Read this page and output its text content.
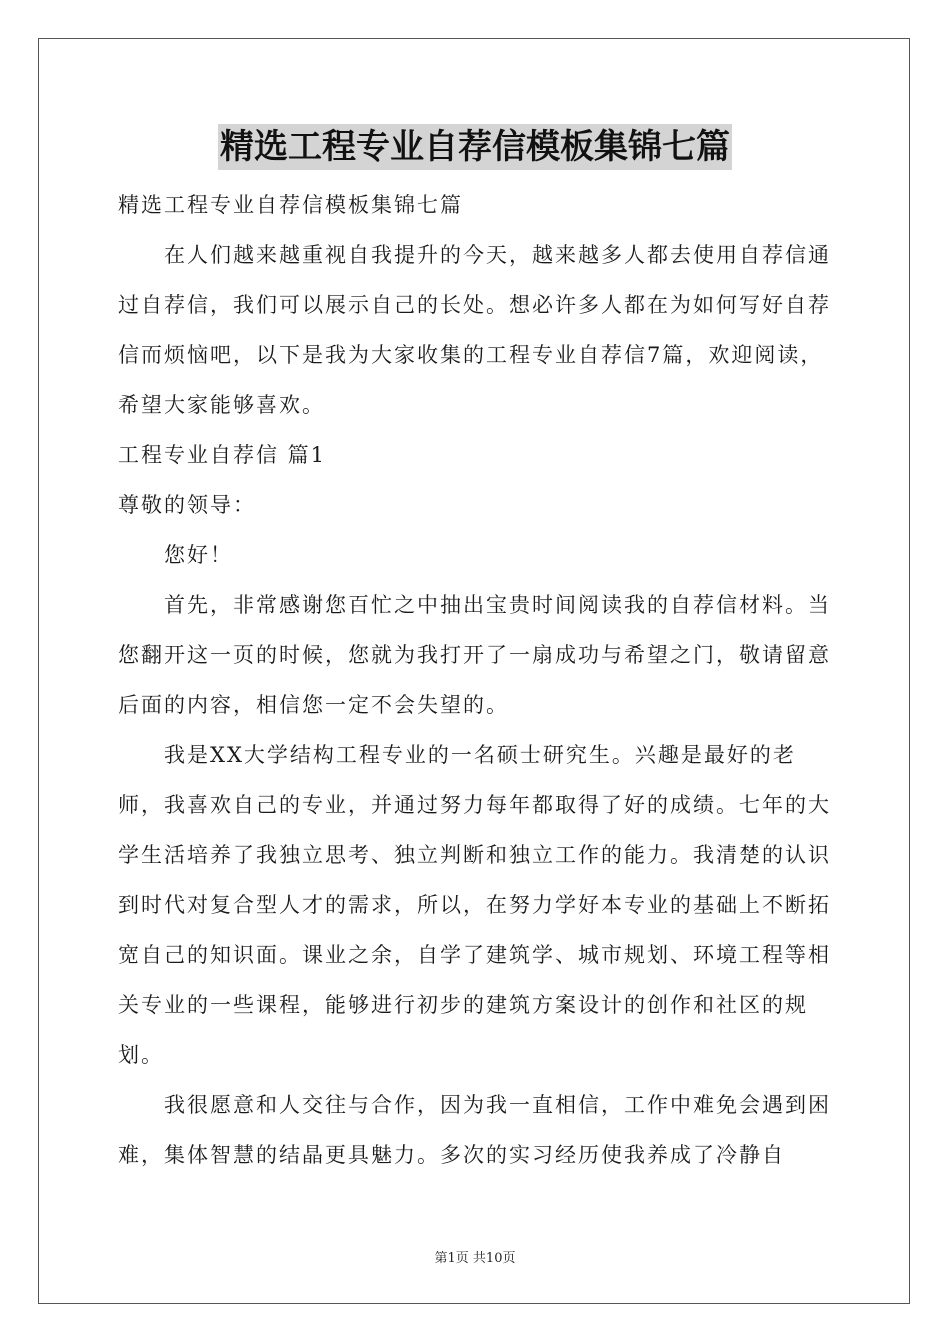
精选工程专业自荐信模板集锦七篇

精选工程专业自荐信模板集锦七篇

在人们越来越重视自我提升的今天，越来越多人都去使用自荐信通过自荐信，我们可以展示自己的长处。想必许多人都在为如何写好自荐信而烦恼吧，以下是我为大家收集的工程专业自荐信7篇，欢迎阅读，希望大家能够喜欢。

工程专业自荐信 篇1

尊敬的领导：

您好！

首先，非常感谢您百忙之中抽出宝贵时间阅读我的自荐信材料。当您翻开这一页的时候，您就为我打开了一扇成功与希望之门，敬请留意后面的内容，相信您一定不会失望的。

我是XX大学结构工程专业的一名硕士研究生。兴趣是最好的老师，我喜欢自己的专业，并通过努力每年都取得了好的成绩。七年的大学生活培养了我独立思考、独立判断和独立工作的能力。我清楚的认识到时代对复合型人才的需求，所以，在努力学好本专业的基础上不断拓宽自己的知识面。课业之余，自学了建筑学、城市规划、环境工程等相关专业的一些课程，能够进行初步的建筑方案设计的创作和社区的规划。

我很愿意和人交往与合作，因为我一直相信，工作中难免会遇到困难，集体智慧的结晶更具魅力。多次的实习经历使我养成了冷静自

第1页 共10页
